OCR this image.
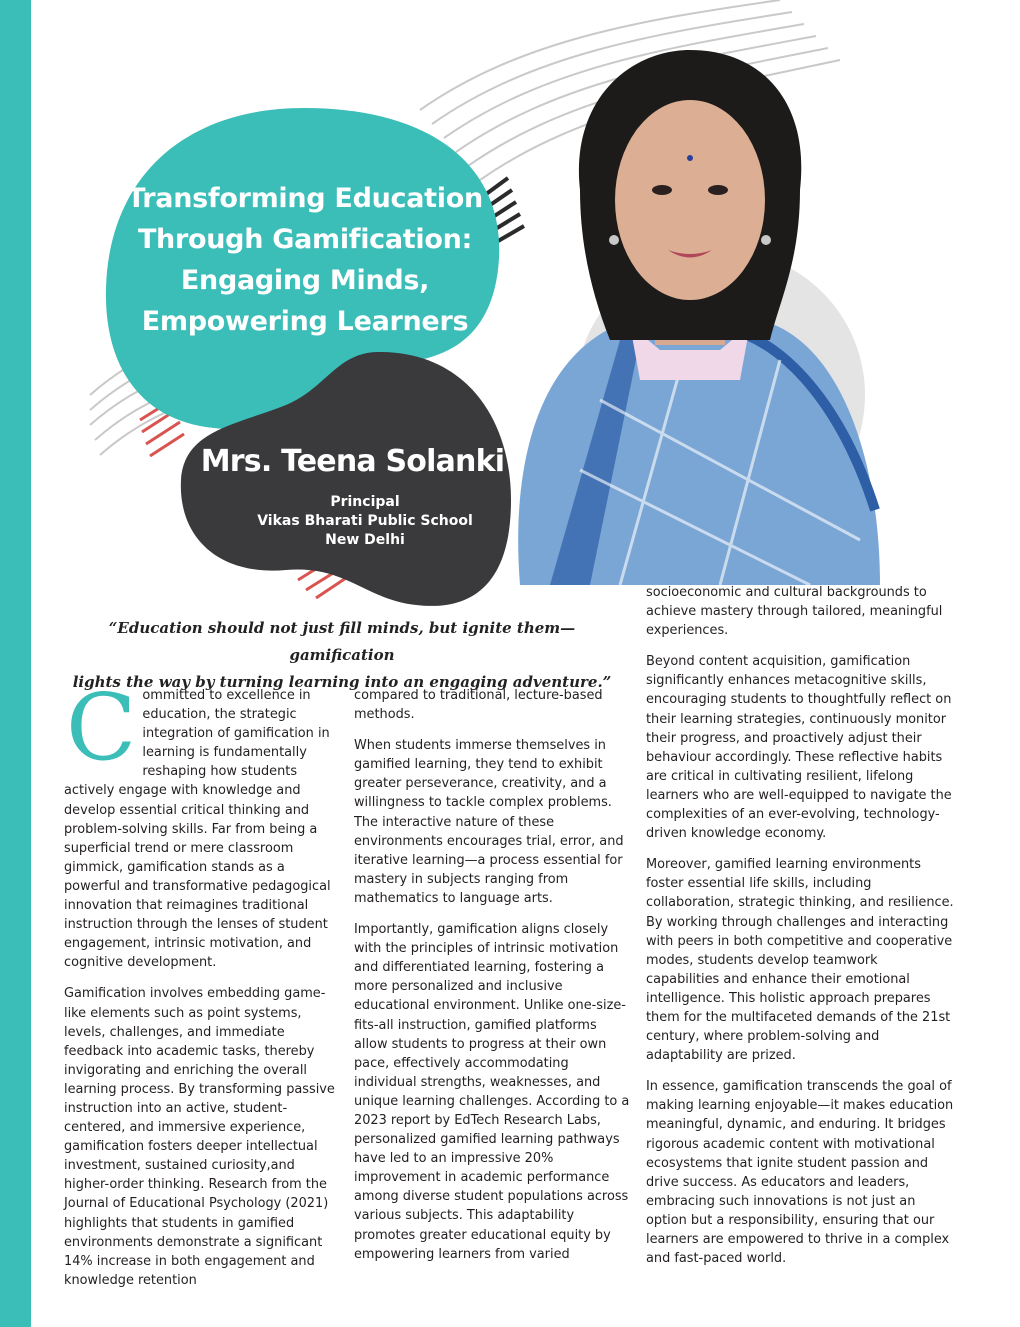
Transforming Education
Through Gamification:
Engaging Minds,
Empowering Learners
Mrs. Teena Solanki
Principal
Vikas Bharati Public School
New Delhi
“Education should not just fill minds, but ignite them—gamification
lights the way by turning learning into an engaging adventure.”

Committed to excellence in education, the strategic integration of gamification in learning is fundamentally reshaping how students actively engage with knowledge and develop essential critical thinking and problem-solving skills. Far from being a superficial trend or mere classroom gimmick, gamification stands as a powerful and transformative pedagogical innovation that reimagines traditional instruction through the lenses of student engagement, intrinsic motivation, and cognitive development.

Gamification involves embedding game-like elements such as point systems, levels, challenges, and immediate feedback into academic tasks, thereby invigorating and enriching the overall learning process. By transforming passive instruction into an active, student-centered, and immersive experience, gamification fosters deeper intellectual investment, sustained curiosity,and higher-order thinking. Research from the Journal of Educational Psychology (2021) highlights that students in gamified environments demonstrate a significant 14% increase in both engagement and knowledge retention

compared to traditional, lecture-based methods.

When students immerse themselves in gamified learning, they tend to exhibit greater perseverance, creativity, and a willingness to tackle complex problems. The interactive nature of these environments encourages trial, error, and iterative learning—a process essential for mastery in subjects ranging from mathematics to language arts.

Importantly, gamification aligns closely with the principles of intrinsic motivation and differentiated learning, fostering a more personalized and inclusive educational environment. Unlike one-size-fits-all instruction, gamified platforms allow students to progress at their own pace, effectively accommodating individual strengths, weaknesses, and unique learning challenges. According to a 2023 report by EdTech Research Labs, personalized gamified learning pathways have led to an impressive 20% improvement in academic performance among diverse student populations across various subjects. This adaptability promotes greater educational equity by empowering learners from varied

socioeconomic and cultural backgrounds to achieve mastery through tailored, meaningful experiences.

Beyond content acquisition, gamification significantly enhances metacognitive skills, encouraging students to thoughtfully reflect on their learning strategies, continuously monitor their progress, and proactively adjust their behaviour accordingly. These reflective habits are critical in cultivating resilient, lifelong learners who are well-equipped to navigate the complexities of an ever-evolving, technology-driven knowledge economy.

Moreover, gamified learning environments foster essential life skills, including collaboration, strategic thinking, and resilience. By working through challenges and interacting with peers in both competitive and cooperative modes, students develop teamwork capabilities and enhance their emotional intelligence. This holistic approach prepares them for the multifaceted demands of the 21st century, where problem-solving and adaptability are prized.

In essence, gamification transcends the goal of making learning enjoyable—it makes education meaningful, dynamic, and enduring. It bridges rigorous academic content with motivational ecosystems that ignite student passion and drive success. As educators and leaders, embracing such innovations is not just an option but a responsibility, ensuring that our learners are empowered to thrive in a complex and fast-paced world.
